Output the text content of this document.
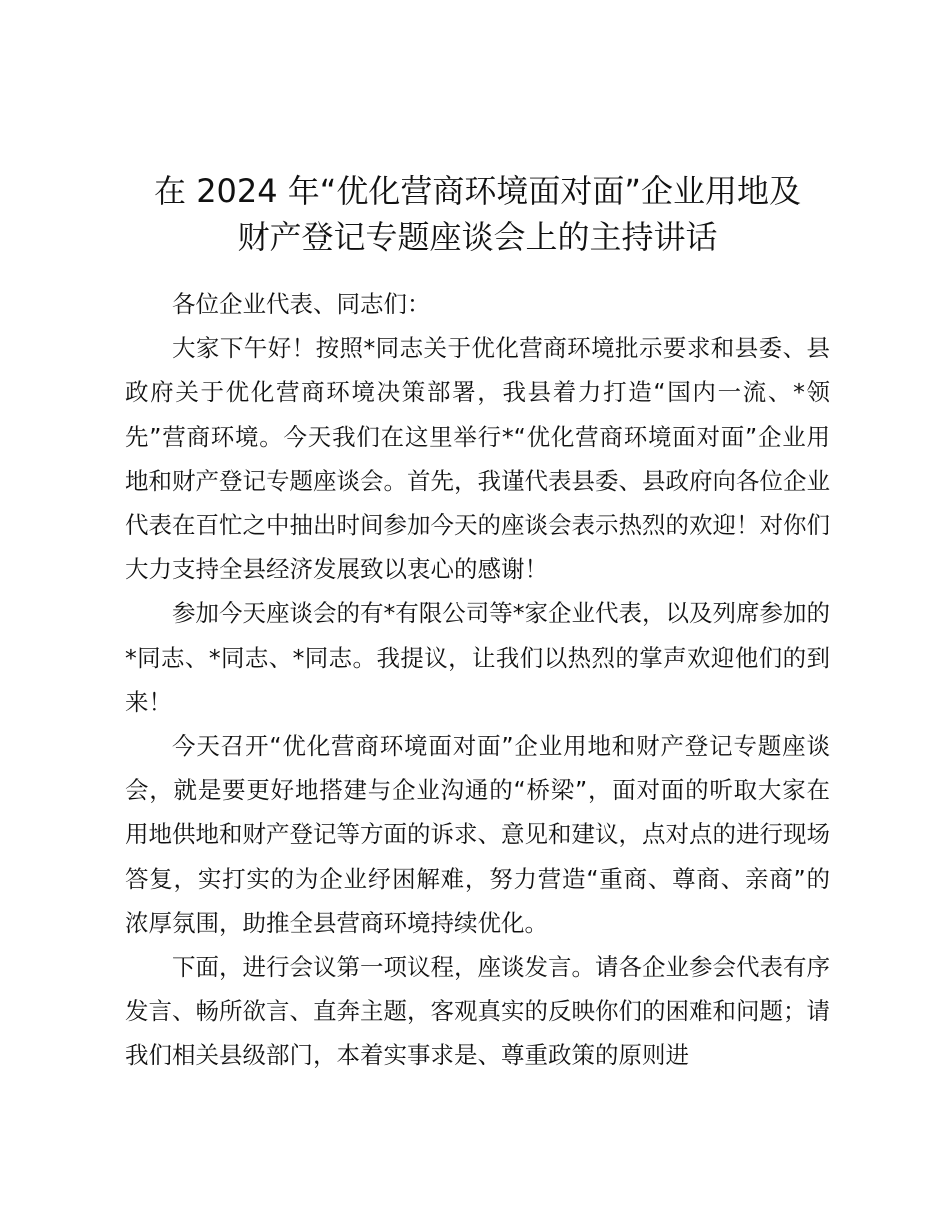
在 2024 年“优化营商环境面对面”企业用地及
财产登记专题座谈会上的主持讲话

各位企业代表、同志们：

大家下午好！按照*同志关于优化营商环境批示要求和县委、县政府关于优化营商环境决策部署，我县着力打造“国内一流、*领先”营商环境。今天我们在这里举行*“优化营商环境面对面”企业用地和财产登记专题座谈会。首先，我谨代表县委、县政府向各位企业代表在百忙之中抽出时间参加今天的座谈会表示热烈的欢迎！对你们大力支持全县经济发展致以衷心的感谢！

参加今天座谈会的有*有限公司等*家企业代表，以及列席参加的*同志、*同志、*同志。我提议，让我们以热烈的掌声欢迎他们的到来！

今天召开“优化营商环境面对面”企业用地和财产登记专题座谈会，就是要更好地搭建与企业沟通的“桥梁”，面对面的听取大家在用地供地和财产登记等方面的诉求、意见和建议，点对点的进行现场答复，实打实的为企业纾困解难，努力营造“重商、尊商、亲商”的浓厚氛围，助推全县营商环境持续优化。

下面，进行会议第一项议程，座谈发言。请各企业参会代表有序发言、畅所欲言、直奔主题，客观真实的反映你们的困难和问题；请我们相关县级部门，本着实事求是、尊重政策的原则进
